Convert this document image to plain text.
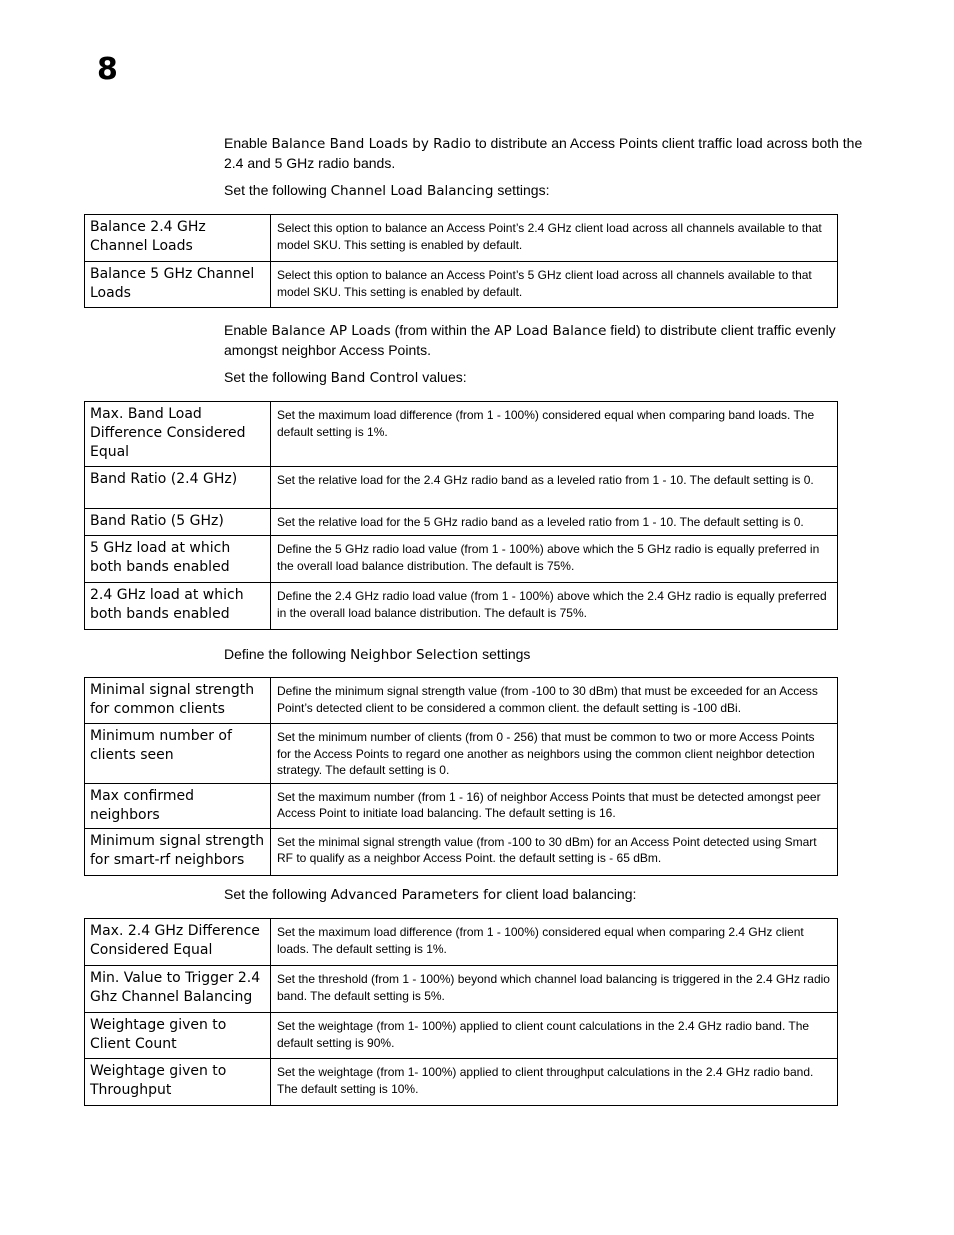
8
Enable Balance Band Loads by Radio to distribute an Access Points client traffic load across both the 2.4 and 5 GHz radio bands.
Set the following Channel Load Balancing settings:
Balance 2.4 GHz Channel Loads	Select this option to balance an Access Point’s 2.4 GHz client load across all channels available to that model SKU. This setting is enabled by default.
Balance 5 GHz Channel Loads	Select this option to balance an Access Point’s 5 GHz client load across all channels available to that model SKU. This setting is enabled by default.
Enable Balance AP Loads (from within the AP Load Balance field) to distribute client traffic evenly amongst neighbor Access Points.
Set the following Band Control values:
Max. Band Load Difference Considered Equal	Set the maximum load difference (from 1 - 100%) considered equal when comparing band loads. The default setting is 1%.
Band Ratio (2.4 GHz)	Set the relative load for the 2.4 GHz radio band as a leveled ratio from 1 - 10. The default setting is 0.
Band Ratio (5 GHz)	Set the relative load for the 5 GHz radio band as a leveled ratio from 1 - 10. The default setting is 0.
5 GHz load at which both bands enabled	Define the 5 GHz radio load value (from 1 - 100%) above which the 5 GHz radio is equally preferred in the overall load balance distribution. The default is 75%.
2.4 GHz load at which both bands enabled	Define the 2.4 GHz radio load value (from 1 - 100%) above which the 2.4 GHz radio is equally preferred in the overall load balance distribution. The default is 75%.
Define the following Neighbor Selection settings
Minimal signal strength for common clients	Define the minimum signal strength value (from -100 to 30 dBm) that must be exceeded for an Access Point’s detected client to be considered a common client. the default setting is -100 dBi.
Minimum number of clients seen	Set the minimum number of clients (from 0 - 256) that must be common to two or more Access Points for the Access Points to regard one another as neighbors using the common client neighbor detection strategy. The default setting is 0.
Max confirmed neighbors	Set the maximum number (from 1 - 16) of neighbor Access Points that must be detected amongst peer Access Point to initiate load balancing. The default setting is 16.
Minimum signal strength for smart-rf neighbors	Set the minimal signal strength value (from -100 to 30 dBm) for an Access Point detected using Smart RF to qualify as a neighbor Access Point. the default setting is - 65 dBm.
Set the following Advanced Parameters for client load balancing:
Max. 2.4 GHz Difference Considered Equal	Set the maximum load difference (from 1 - 100%) considered equal when comparing 2.4 GHz client loads. The default setting is 1%.
Min. Value to Trigger 2.4 Ghz Channel Balancing	Set the threshold (from 1 - 100%) beyond which channel load balancing is triggered in the 2.4 GHz radio band. The default setting is 5%.
Weightage given to Client Count	Set the weightage (from 1- 100%) applied to client count calculations in the 2.4 GHz radio band. The default setting is 90%.
Weightage given to Throughput	Set the weightage (from 1- 100%) applied to client throughput calculations in the 2.4 GHz radio band. The default setting is 10%.
